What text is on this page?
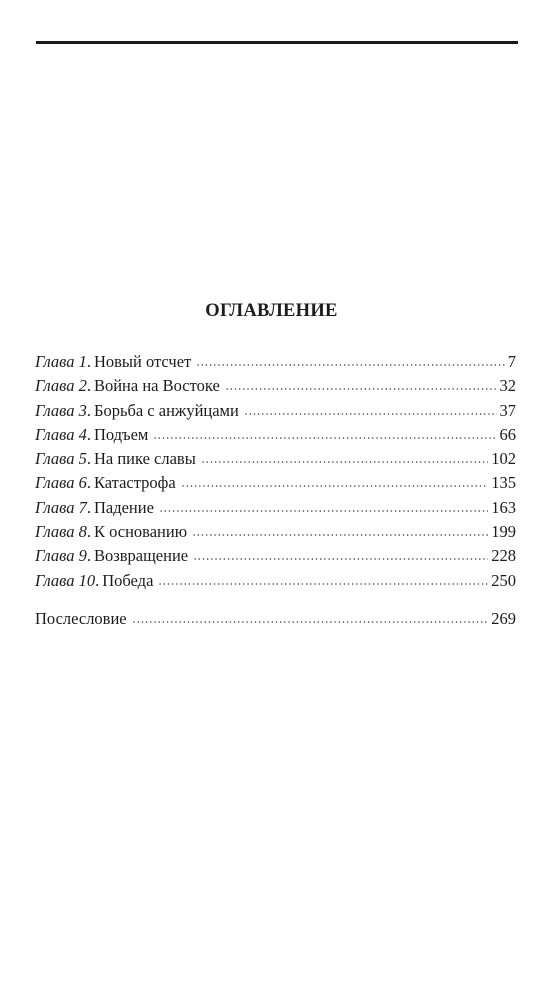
ОГЛАВЛЕНИЕ
Глава 1 . Новый отсчет	7
Глава 2 . Война на Востоке	32
Глава 3 . Борьба с анжуйцами	37
Глава 4 . Подъем	66
Глава 5 . На пике славы	102
Глава 6 . Катастрофа	135
Глава 7 . Падение	163
Глава 8 . К основанию	199
Глава 9 . Возвращение	228
Глава 10 . Победа	250
Послесловие	269
